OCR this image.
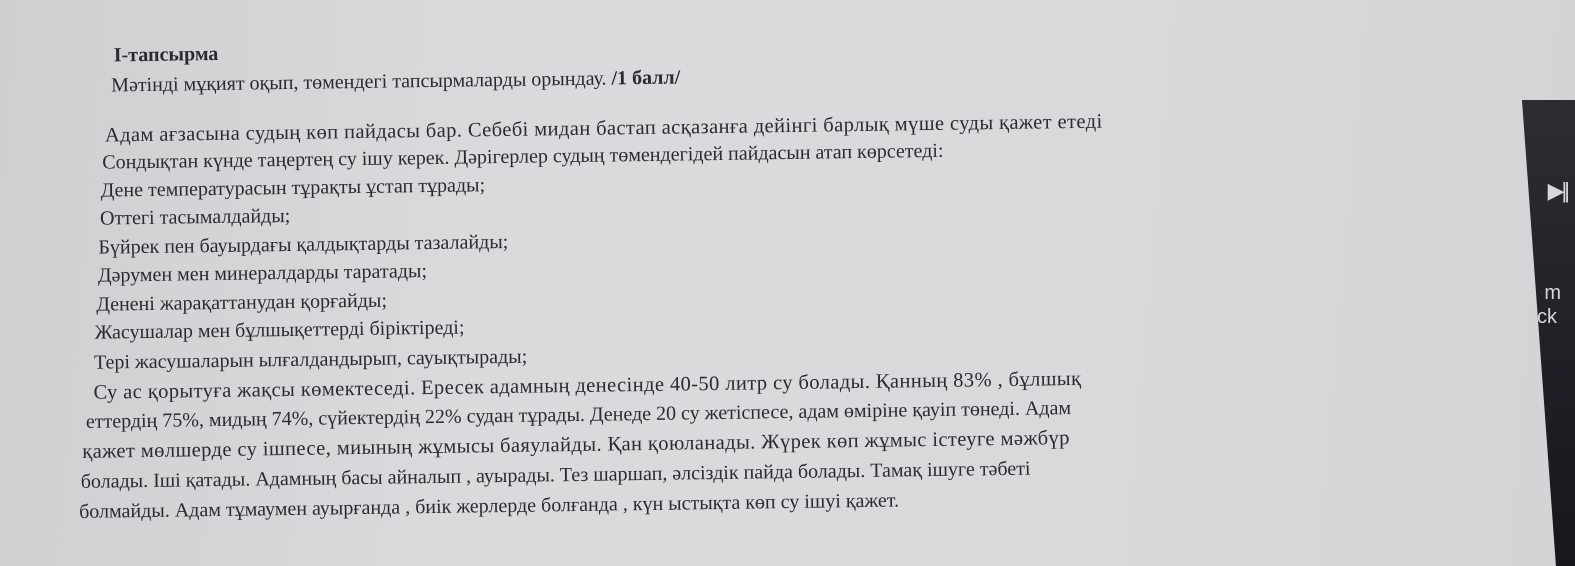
▶||
m
ck
I-тапсырма
Мәтінді мұқият оқып, төмендегі тапсырмаларды орындау. /1 балл/
Адам ағзасына судың көп пайдасы бар. Себебі мидан бастап асқазанға дейінгі барлық мүше суды қажет етеді
Сондықтан күнде таңертең су ішу керек. Дәрігерлер судың төмендегідей пайдасын атап көрсетеді:
Дене температурасын тұрақты ұстап тұрады;
Оттегі тасымалдайды;
Бүйрек пен бауырдағы қалдықтарды тазалайды;
Дәрумен мен минералдарды таратады;
Денені жарақаттанудан қорғайды;
Жасушалар мен бұлшықеттерді біріктіреді;
Тері жасушаларын ылғалдандырып, сауықтырады;
Су ас қорытуға жақсы көмектеседі. Ересек адамның денесінде 40-50 литр су болады. Қанның 83% , бұлшық
еттердің 75%, мидың 74%, сүйектердің 22% судан тұрады. Денеде 20 су жетіспесе, адам өміріне қауіп төнеді. Адам
қажет мөлшерде су ішпесе, миының жұмысы баяулайды. Қан қоюланады. Жүрек көп жұмыс істеуге мәжбүр
болады. Іші қатады. Адамның басы айналып , ауырады. Тез шаршап, әлсіздік пайда болады. Тамақ ішуге тәбеті
болмайды. Адам тұмаумен ауырғанда , биік жерлерде болғанда , күн ыстықта көп су ішуі қажет.
